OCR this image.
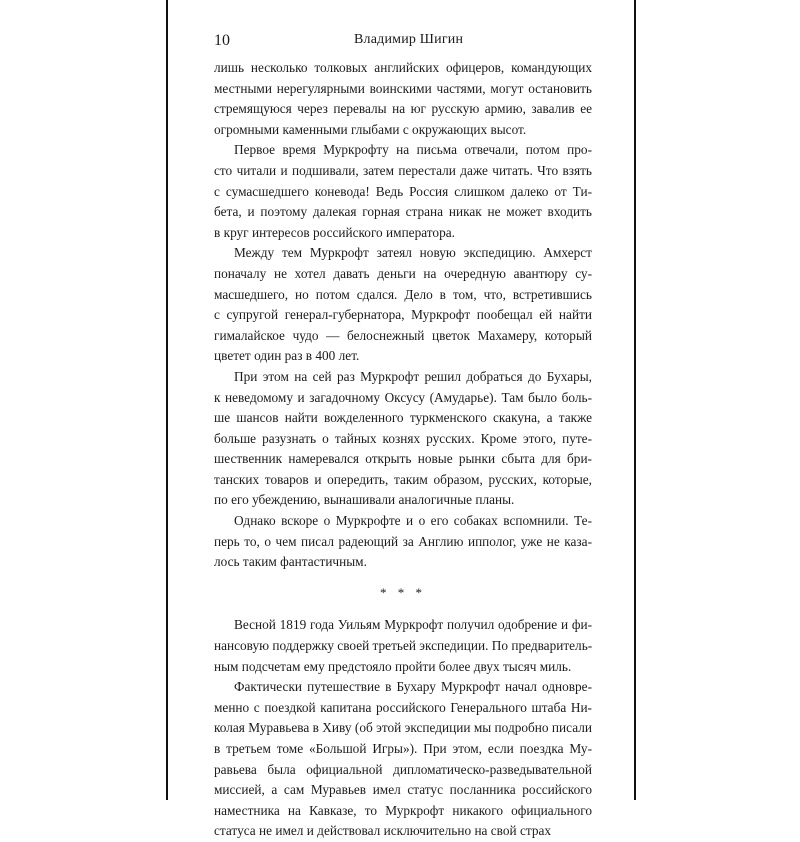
10	Владимир Шигин

лишь несколько толковых английских офицеров, командующих
местными нерегулярными воинскими частями, могут остановить
стремящуюся через перевалы на юг русскую армию, завалив ее
огромными каменными глыбами с окружающих высот.

Первое время Муркрофту на письма отвечали, потом про-
сто читали и подшивали, затем перестали даже читать. Что взять
с сумасшедшего коневода! Ведь Россия слишком далеко от Ти-
бета, и поэтому далекая горная страна никак не может входить
в круг интересов российского императора.

Между тем Муркрофт затеял новую экспедицию. Амхерст
поначалу не хотел давать деньги на очередную авантюру су-
масшедшего, но потом сдался. Дело в том, что, встретившись
с супругой генерал-губернатора, Муркрофт пообещал ей найти
гималайское чудо — белоснежный цветок Махамеру, который
цветет один раз в 400 лет.

При этом на сей раз Муркрофт решил добраться до Бухары,
к неведомому и загадочному Оксусу (Амударье). Там было боль-
ше шансов найти вожделенного туркменского скакуна, а также
больше разузнать о тайных кознях русских. Кроме этого, путе-
шественник намеревался открыть новые рынки сбыта для бри-
танских товаров и опередить, таким образом, русских, которые,
по его убеждению, вынашивали аналогичные планы.

Однако вскоре о Муркрофте и о его собаках вспомнили. Те-
перь то, о чем писал радеющий за Англию ипполог, уже не каза-
лось таким фантастичным.

* * *

Весной 1819 года Уильям Муркрофт получил одобрение и фи-
нансовую поддержку своей третьей экспедиции. По предваритель-
ным подсчетам ему предстояло пройти более двух тысяч миль.

Фактически путешествие в Бухару Муркрофт начал одновре-
менно с поездкой капитана российского Генерального штаба Ни-
колая Муравьева в Хиву (об этой экспедиции мы подробно писали
в третьем томе «Большой Игры»). При этом, если поездка Му-
равьева была официальной дипломатическо-разведывательной
миссией, а сам Муравьев имел статус посланника российского
наместника на Кавказе, то Муркрофт никакого официального
статуса не имел и действовал исключительно на свой страх
